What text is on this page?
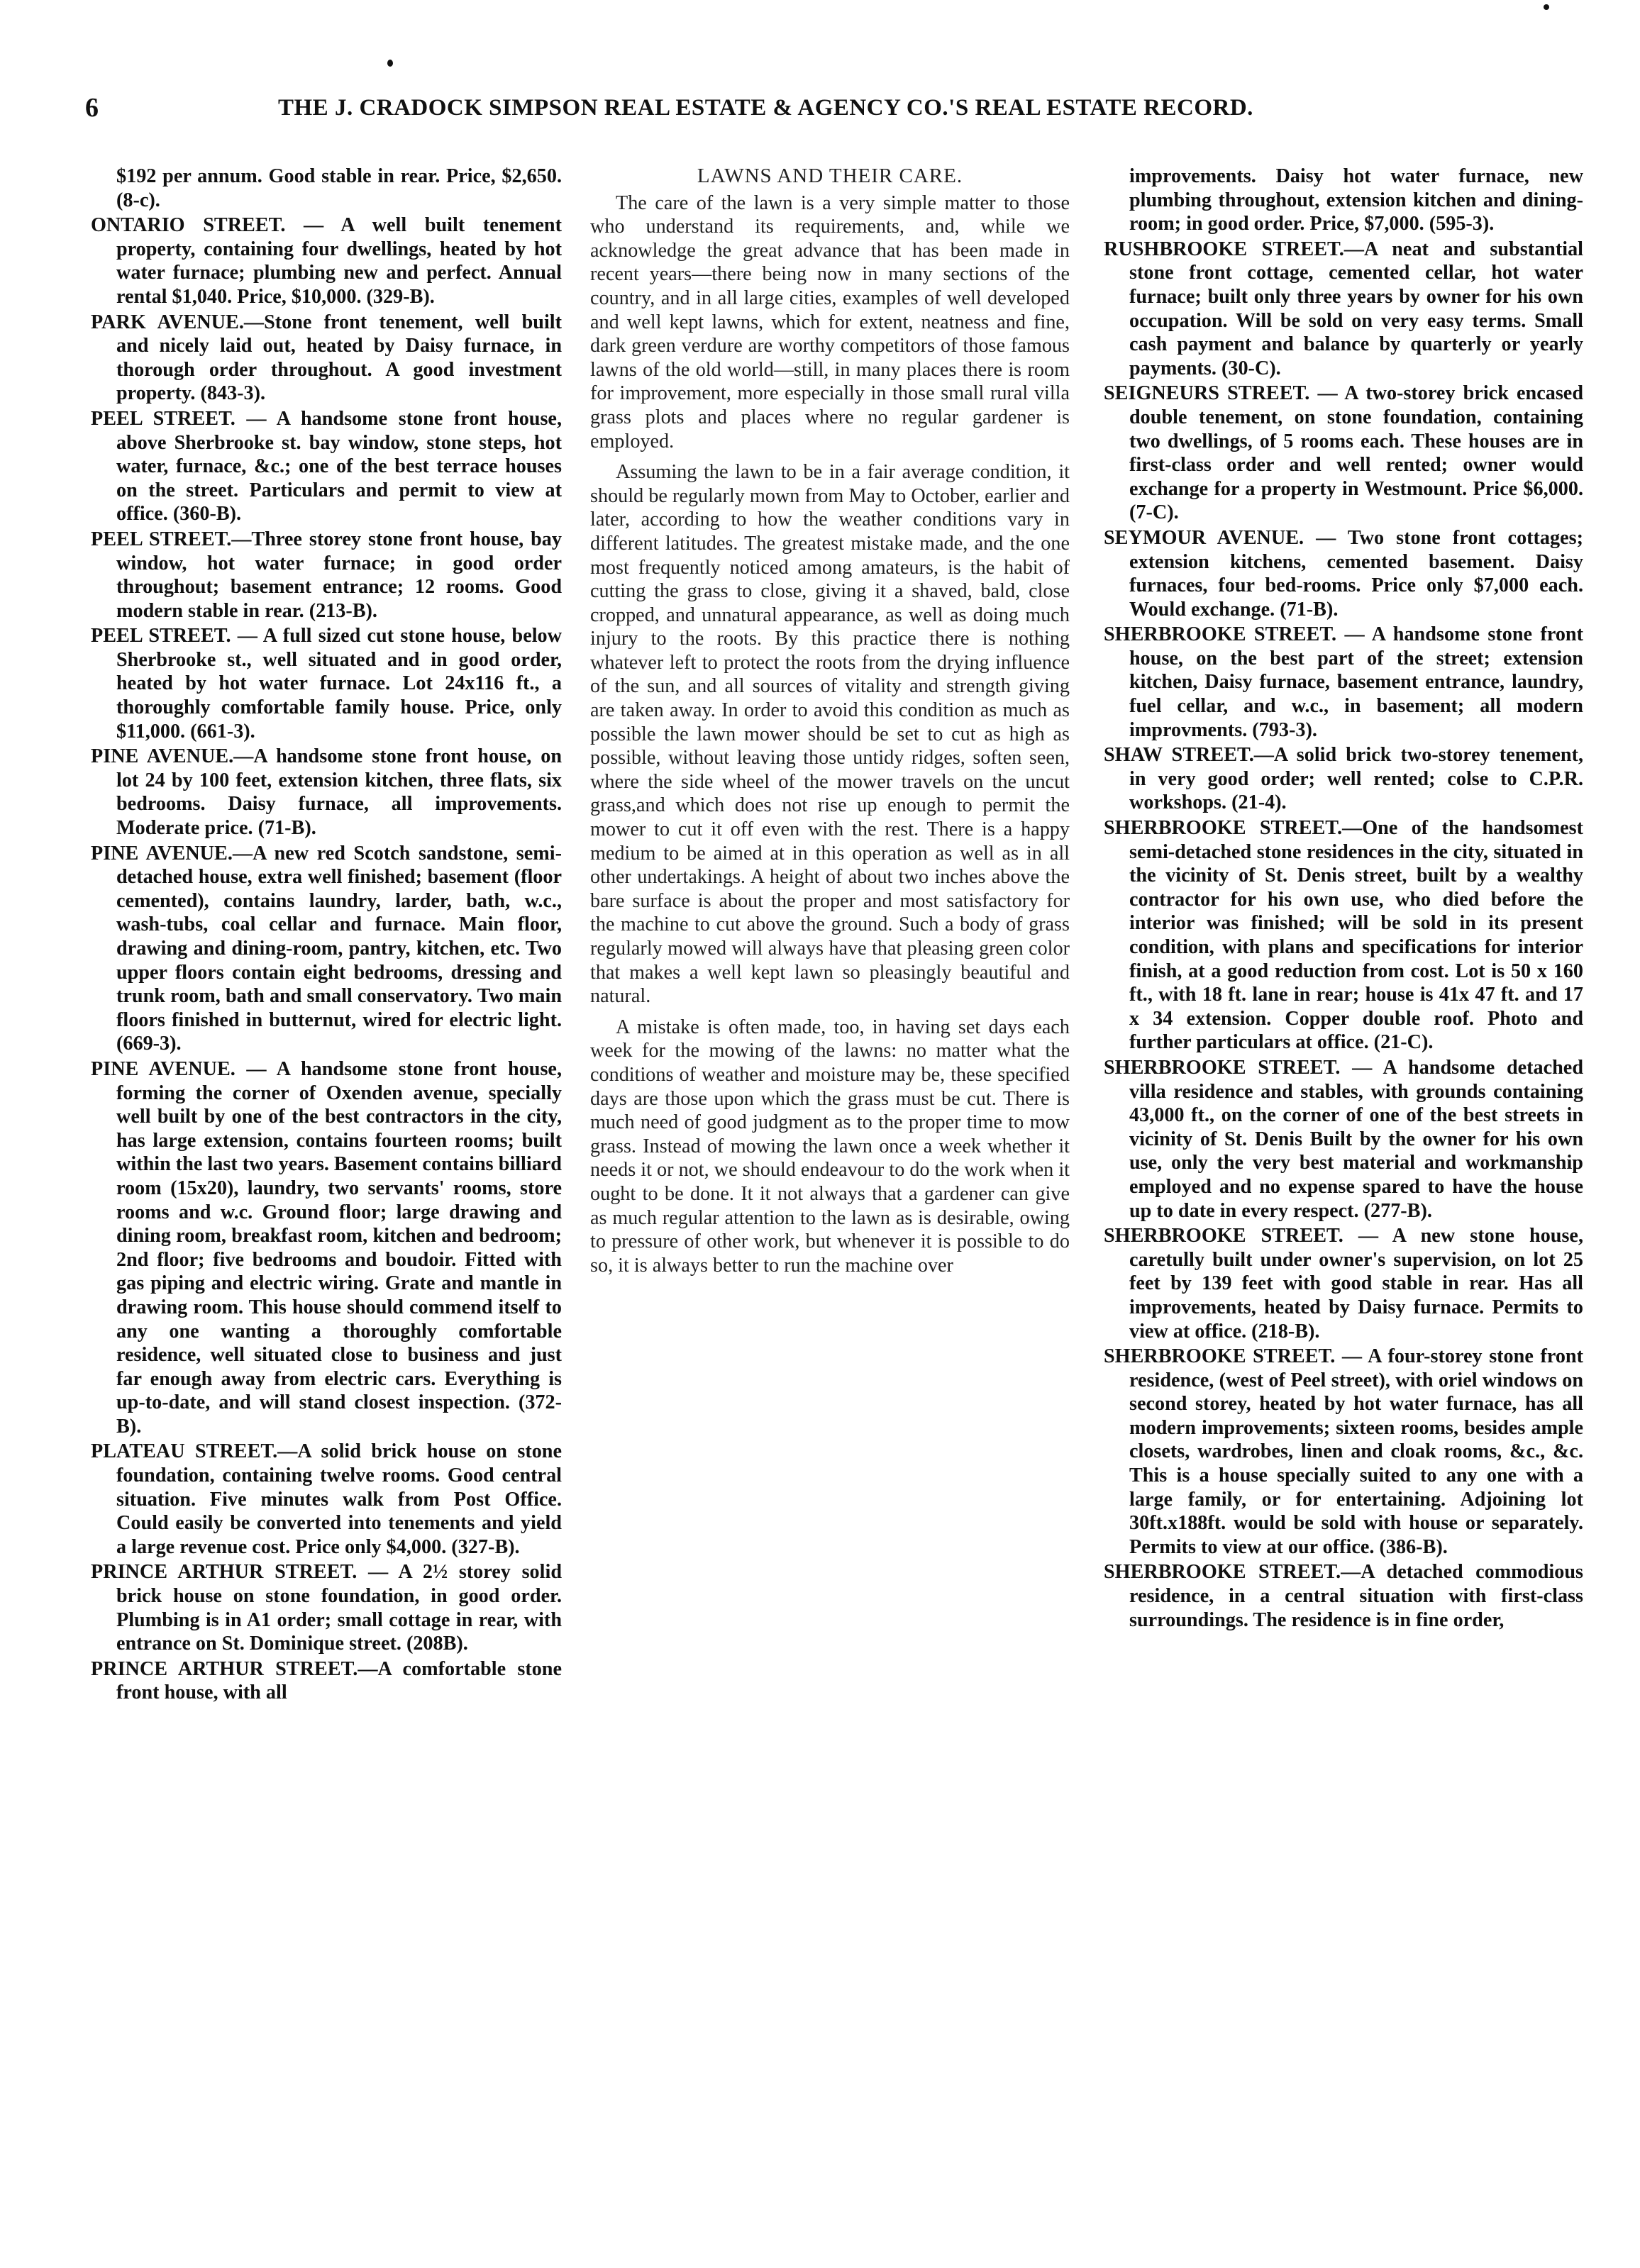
6	THE J. CRADOCK SIMPSON REAL ESTATE & AGENCY CO.'S REAL ESTATE RECORD.

$192 per annum. Good stable in rear. Price, $2,650. (8-c).

ONTARIO STREET. — A well built tenement property, containing four dwellings, heated by hot water furnace; plumbing new and perfect. Annual rental $1,040. Price, $10,000. (329-B).

PARK AVENUE.—Stone front tenement, well built and nicely laid out, heated by Daisy furnace, in thorough order throughout. A good investment property. (843-3).

PEEL STREET. — A handsome stone front house, above Sherbrooke st. bay window, stone steps, hot water, furnace, &c.; one of the best terrace houses on the street. Particulars and permit to view at office. (360-B).

PEEL STREET.—Three storey stone front house, bay window, hot water furnace; in good order throughout; basement entrance; 12 rooms. Good modern stable in rear. (213-B).

PEEL STREET. — A full sized cut stone house, below Sherbrooke st., well situated and in good order, heated by hot water furnace. Lot 24x116 ft., a thoroughly comfortable family house. Price, only $11,000. (661-3).

PINE AVENUE.—A handsome stone front house, on lot 24 by 100 feet, extension kitchen, three flats, six bedrooms. Daisy furnace, all improvements. Moderate price. (71-B).

PINE AVENUE.—A new red Scotch sandstone, semi-detached house, extra well finished; basement (floor cemented), contains laundry, larder, bath, w.c., wash-tubs, coal cellar and furnace. Main floor, drawing and dining-room, pantry, kitchen, etc. Two upper floors contain eight bedrooms, dressing and trunk room, bath and small conservatory. Two main floors finished in butternut, wired for electric light. (669-3).

PINE AVENUE. — A handsome stone front house, forming the corner of Oxenden avenue, specially well built by one of the best contractors in the city, has large extension, contains fourteen rooms; built within the last two years. Basement contains billiard room (15x20), laundry, two servants' rooms, store rooms and w.c. Ground floor; large drawing and dining room, breakfast room, kitchen and bedroom; 2nd floor; five bedrooms and boudoir. Fitted with gas piping and electric wiring. Grate and mantle in drawing room. This house should commend itself to any one wanting a thoroughly comfortable residence, well situated close to business and just far enough away from electric cars. Everything is up-to-date, and will stand closest inspection. (372-B).

PLATEAU STREET.—A solid brick house on stone foundation, containing twelve rooms. Good central situation. Five minutes walk from Post Office. Could easily be converted into tenements and yield a large revenue cost. Price only $4,000. (327-B).

PRINCE ARTHUR STREET. — A 2½ storey solid brick house on stone foundation, in good order. Plumbing is in A1 order; small cottage in rear, with entrance on St. Dominique street. (208B).

PRINCE ARTHUR STREET.—A comfortable stone front house, with all

LAWNS AND THEIR CARE.

The care of the lawn is a very simple matter to those who understand its requirements, and, while we acknowledge the great advance that has been made in recent years—there being now in many sections of the country, and in all large cities, examples of well developed and well kept lawns, which for extent, neatness and fine, dark green verdure are worthy competitors of those famous lawns of the old world—still, in many places there is room for improvement, more especially in those small rural villa grass plots and places where no regular gardener is employed.

Assuming the lawn to be in a fair average condition, it should be regularly mown from May to October, earlier and later, according to how the weather conditions vary in different latitudes. The greatest mistake made, and the one most frequently noticed among amateurs, is the habit of cutting the grass to close, giving it a shaved, bald, close cropped, and unnatural appearance, as well as doing much injury to the roots. By this practice there is nothing whatever left to protect the roots from the drying influence of the sun, and all sources of vitality and strength giving are taken away. In order to avoid this condition as much as possible the lawn mower should be set to cut as high as possible, without leaving those untidy ridges, soften seen, where the side wheel of the mower travels on the uncut grass,and which does not rise up enough to permit the mower to cut it off even with the rest. There is a happy medium to be aimed at in this operation as well as in all other undertakings. A height of about two inches above the bare surface is about the proper and most satisfactory for the machine to cut above the ground. Such a body of grass regularly mowed will always have that pleasing green color that makes a well kept lawn so pleasingly beautiful and natural.

A mistake is often made, too, in having set days each week for the mowing of the lawns: no matter what the conditions of weather and moisture may be, these specified days are those upon which the grass must be cut. There is much need of good judgment as to the proper time to mow grass. Instead of mowing the lawn once a week whether it needs it or not, we should endeavour to do the work when it ought to be done. It it not always that a gardener can give as much regular attention to the lawn as is desirable, owing to pressure of other work, but whenever it is possible to do so, it is always better to run the machine over

improvements. Daisy hot water furnace, new plumbing throughout, extension kitchen and dining-room; in good order. Price, $7,000. (595-3).

RUSHBROOKE STREET.—A neat and substantial stone front cottage, cemented cellar, hot water furnace; built only three years by owner for his own occupation. Will be sold on very easy terms. Small cash payment and balance by quarterly or yearly payments. (30-C).

SEIGNEURS STREET. — A two-storey brick encased double tenement, on stone foundation, containing two dwellings, of 5 rooms each. These houses are in first-class order and well rented; owner would exchange for a property in Westmount. Price $6,000. (7-C).

SEYMOUR AVENUE. — Two stone front cottages; extension kitchens, cemented basement. Daisy furnaces, four bed-rooms. Price only $7,000 each. Would exchange. (71-B).

SHERBROOKE STREET. — A handsome stone front house, on the best part of the street; extension kitchen, Daisy furnace, basement entrance, laundry, fuel cellar, and w.c., in basement; all modern improvments. (793-3).

SHAW STREET.—A solid brick two-storey tenement, in very good order; well rented; colse to C.P.R. workshops. (21-4).

SHERBROOKE STREET.—One of the handsomest semi-detached stone residences in the city, situated in the vicinity of St. Denis street, built by a wealthy contractor for his own use, who died before the interior was finished; will be sold in its present condition, with plans and specifications for interior finish, at a good reduction from cost. Lot is 50 x 160 ft., with 18 ft. lane in rear; house is 41x 47 ft. and 17 x 34 extension. Copper double roof. Photo and further particulars at office. (21-C).

SHERBROOKE STREET. — A handsome detached villa residence and stables, with grounds containing 43,000 ft., on the corner of one of the best streets in vicinity of St. Denis Built by the owner for his own use, only the very best material and workmanship employed and no expense spared to have the house up to date in every respect. (277-B).

SHERBROOKE STREET. — A new stone house, caretully built under owner's supervision, on lot 25 feet by 139 feet with good stable in rear. Has all improvements, heated by Daisy furnace. Permits to view at office. (218-B).

SHERBROOKE STREET. — A four-storey stone front residence, (west of Peel street), with oriel windows on second storey, heated by hot water furnace, has all modern improvements; sixteen rooms, besides ample closets, wardrobes, linen and cloak rooms, &c., &c. This is a house specially suited to any one with a large family, or for entertaining. Adjoining lot 30ft.x188ft. would be sold with house or separately. Permits to view at our office. (386-B).

SHERBROOKE STREET.—A detached commodious residence, in a central situation with first-class surroundings. The residence is in fine order,
